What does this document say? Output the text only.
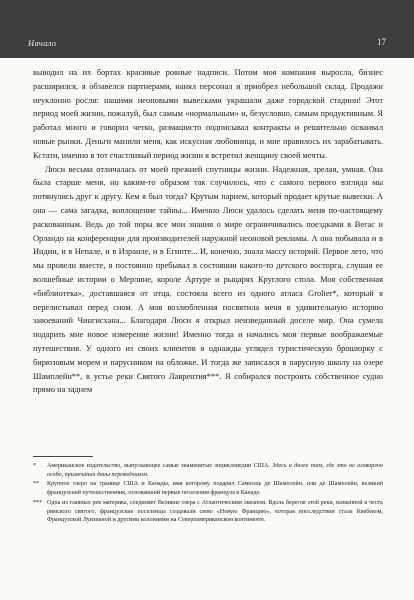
Начало	17

выводил на их бортах красивые ровные надписи. Потом моя компания выросла, бизнес расширился, я обзавелся партнерами, нанял персонал и приобрел небольшой склад. Продажи неуклонно росли: нашими неоновыми вывесками украшали даже городской стадион! Этот период моей жизни, пожалуй, был самым «нормальным» и, безусловно, самым продуктивным. Я работал много и говорил четко, размашисто подписывал контракты и решительно осваивал новые рынки. Деньги манили меня, как искусная любовница, и мне нравилось их зарабатывать. Кстати, именно в тот счастливый период жизни я встретил женщину своей мечты.

Люси весьма отличалась от моей прежней спутницы жизни. Надежная, зрелая, умная. Она была старше меня, но каким-то образом так случилось, что с самого первого взгляда мы потянулись друг к другу. Кем я был тогда? Крутым парнем, который продает крутые вывески. А она — сама загадка, воплощение тайны... Именно Люси удалось сделать меня по-настоящему раскованным. Ведь до той поры все мои знания о мире ограничивались поездками в Вегас и Орландо на конференции для производителей наружной неоновой рекламы. А она побывала и в Индии, и в Непале, и в Израиле, и в Египте... И, конечно, знала массу историй. Первое лето, что мы провели вместе, я постоянно пребывал в состоянии какого-то детского восторга, слушая ее волшебные истории о Мерлине, короле Артуре и рыцарях Круглого стола. Моя собственная «библиотека», доставшаяся от отца, состояла всего из одного атласа Grolier*, который я перелистывал перед сном. А моя возлюбленная посвятила меня в удивительную историю завоеваний Чингисхана... Благодаря Люси я открыл неизведанный доселе мир. Она сумела подарить мне новое измерение жизни! Именно тогда и начались мои первые воображаемые путешествия. У одного из своих клиентов я однажды углядел туристическую брошюрку с бирюзовым морем и парусником на обложке. И тогда же записался в парусную школу на озере Шамплейн**, в устье реки Святого Лаврентия***. Я собирался построить собственное судно прямо на заднем

*	Американское издательство, выпускающее самые знаменитые энциклопедии США. Здесь и далее там, где это не оговорено особо, примечания даны переводчиком.
**	Крупное озеро на границе США и Канады, имя которому подарил Самюэль де Шамплейн, или де Шамплейн, великий французский путешественник, основавший первые поселения француза в Канаде.
*** Одна из главных рек материка, соединяет Великие озера с Атлантическим океаном. Вдоль берегов этой реки, названной в честь римского святого, французские поселенцы создавали свою «Новую Францию», которая впоследствии стала Квебеком, Французской Луизианой и другими колониями на Североамериканском континенте.
